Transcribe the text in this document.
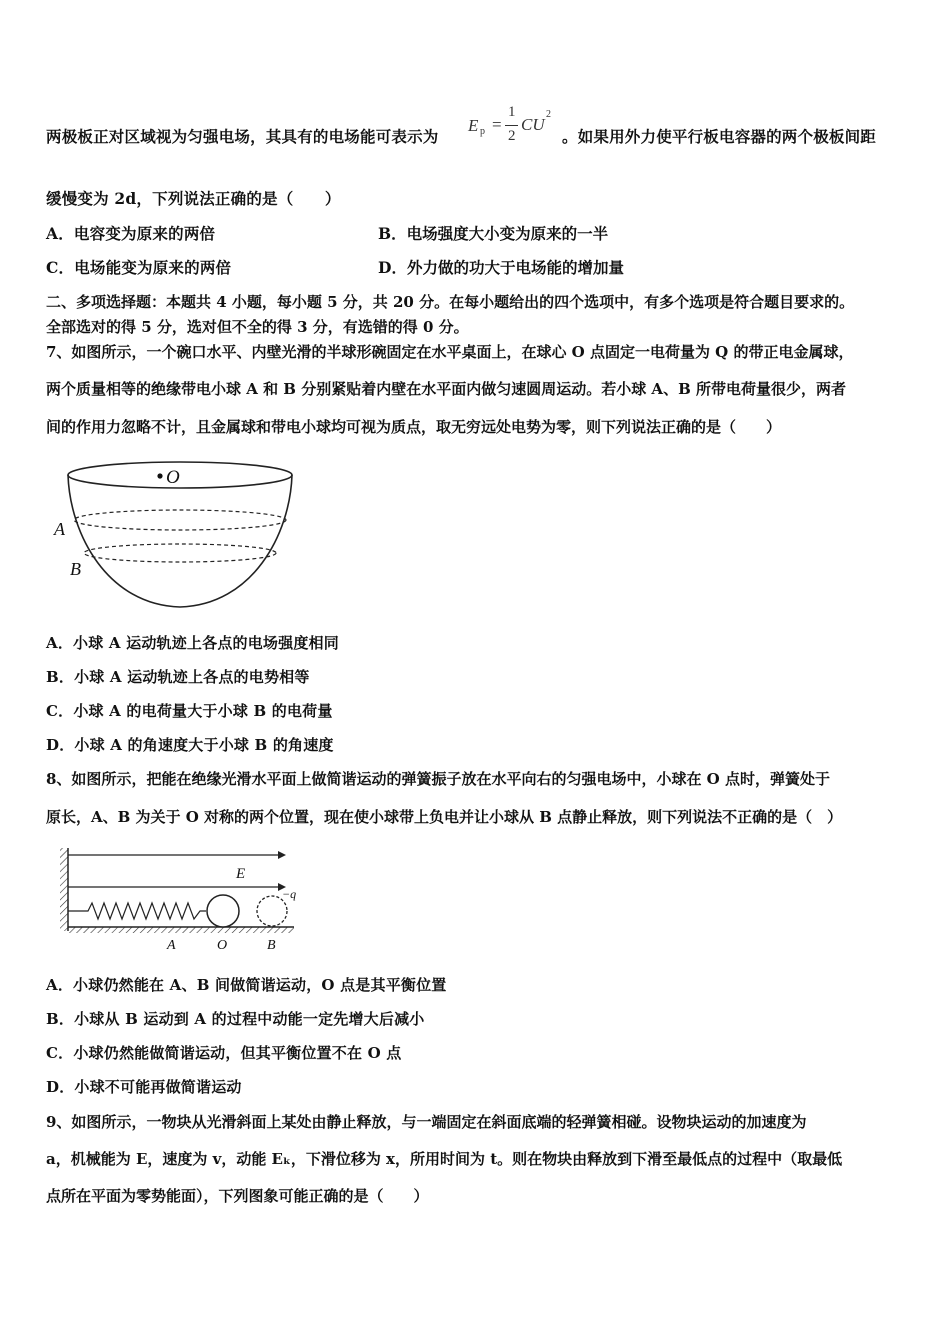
两极板正对区域视为匀强电场，其具有的电场能可表示为
E p =
1
2
CU
2
。如果用外力使平行板电容器的两个极板间距
缓慢变为 2d，下列说法正确的是（　　）
A．电容变为原来的两倍	B．电场强度大小变为原来的一半
C．电场能变为原来的两倍	D．外力做的功大于电场能的增加量
二、多项选择题：本题共 4 小题，每小题 5 分，共 20 分。在每小题给出的四个选项中，有多个选项是符合题目要求的。
全部选对的得 5 分，选对但不全的得 3 分，有选错的得 0 分。
7、如图所示，一个碗口水平、内壁光滑的半球形碗固定在水平桌面上，在球心 O 点固定一电荷量为 Q 的带正电金属球，
两个质量相等的绝缘带电小球 A 和 B 分别紧贴着内壁在水平面内做匀速圆周运动。若小球 A、B 所带电荷量很少，两者
间的作用力忽略不计，且金属球和带电小球均可视为质点，取无穷远处电势为零，则下列说法正确的是（　　）
O
A
B
A．小球 A 运动轨迹上各点的电场强度相同
B．小球 A 运动轨迹上各点的电势相等
C．小球 A 的电荷量大于小球 B 的电荷量
D．小球 A 的角速度大于小球 B 的角速度
8、如图所示，把能在绝缘光滑水平面上做简谐运动的弹簧振子放在水平向右的匀强电场中，小球在 O 点时，弹簧处于
原长，A、B 为关于 O 对称的两个位置，现在使小球带上负电并让小球从 B 点静止释放，则下列说法不正确的是（　）
E
−q
A	O	B
A．小球仍然能在 A、B 间做简谐运动，O 点是其平衡位置
B．小球从 B 运动到 A 的过程中动能一定先增大后减小
C．小球仍然能做简谐运动，但其平衡位置不在 O 点
D．小球不可能再做简谐运动
9、如图所示，一物块从光滑斜面上某处由静止释放，与一端固定在斜面底端的轻弹簧相碰。设物块运动的加速度为
a，机械能为 E，速度为 v，动能 Eₖ，下滑位移为 x，所用时间为 t。则在物块由释放到下滑至最低点的过程中（取最低
点所在平面为零势能面），下列图象可能正确的是（　　）
